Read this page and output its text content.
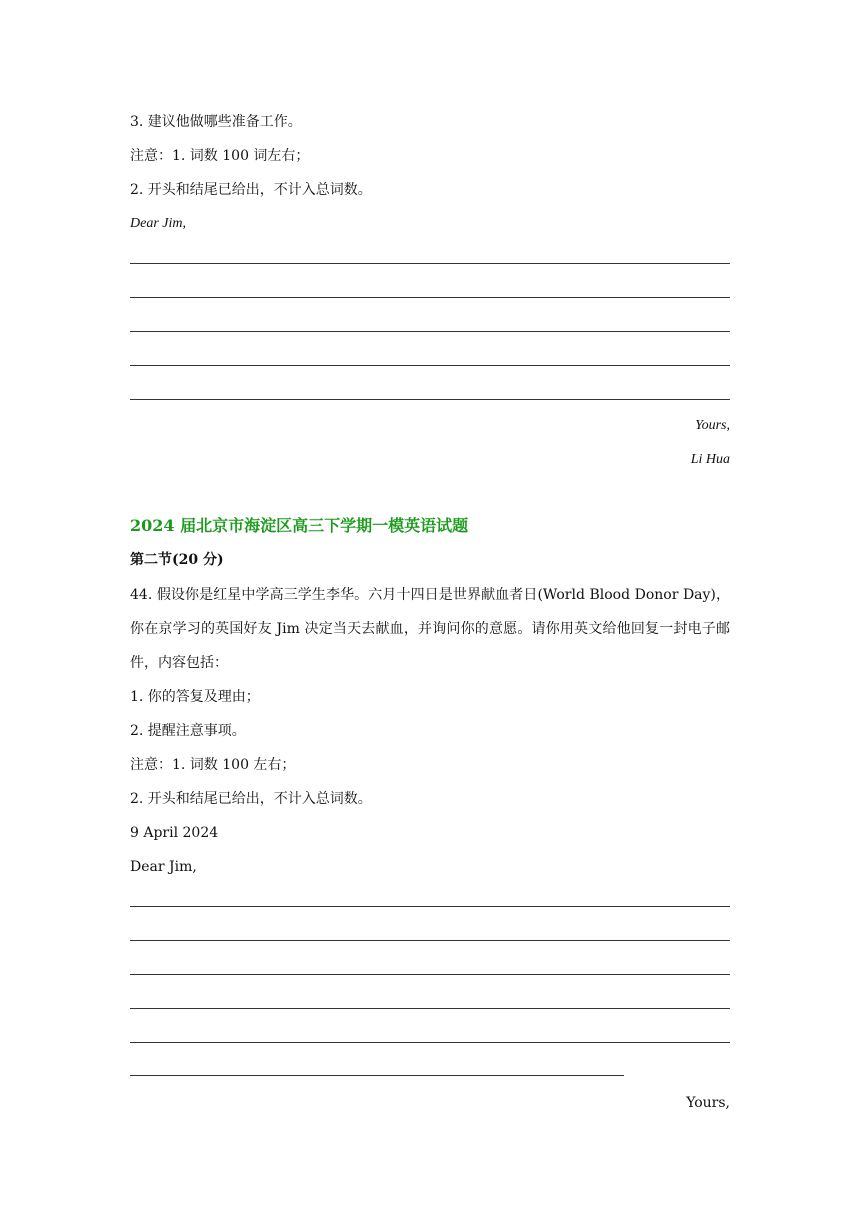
3. 建议他做哪些准备工作。
注意：1. 词数 100 词左右；
2. 开头和结尾已给出，不计入总词数。
Dear Jim,
Yours,
Li Hua
2024 届北京市海淀区高三下学期一模英语试题
第二节(20 分)
44. 假设你是红星中学高三学生李华。六月十四日是世界献血者日(World Blood Donor Day)，你在京学习的英国好友 Jim 决定当天去献血，并询问你的意愿。请你用英文给他回复一封电子邮件，内容包括：
1. 你的答复及理由；
2. 提醒注意事项。
注意：1. 词数 100 左右；
2. 开头和结尾已给出，不计入总词数。
9 April 2024
Dear Jim,
Yours,
